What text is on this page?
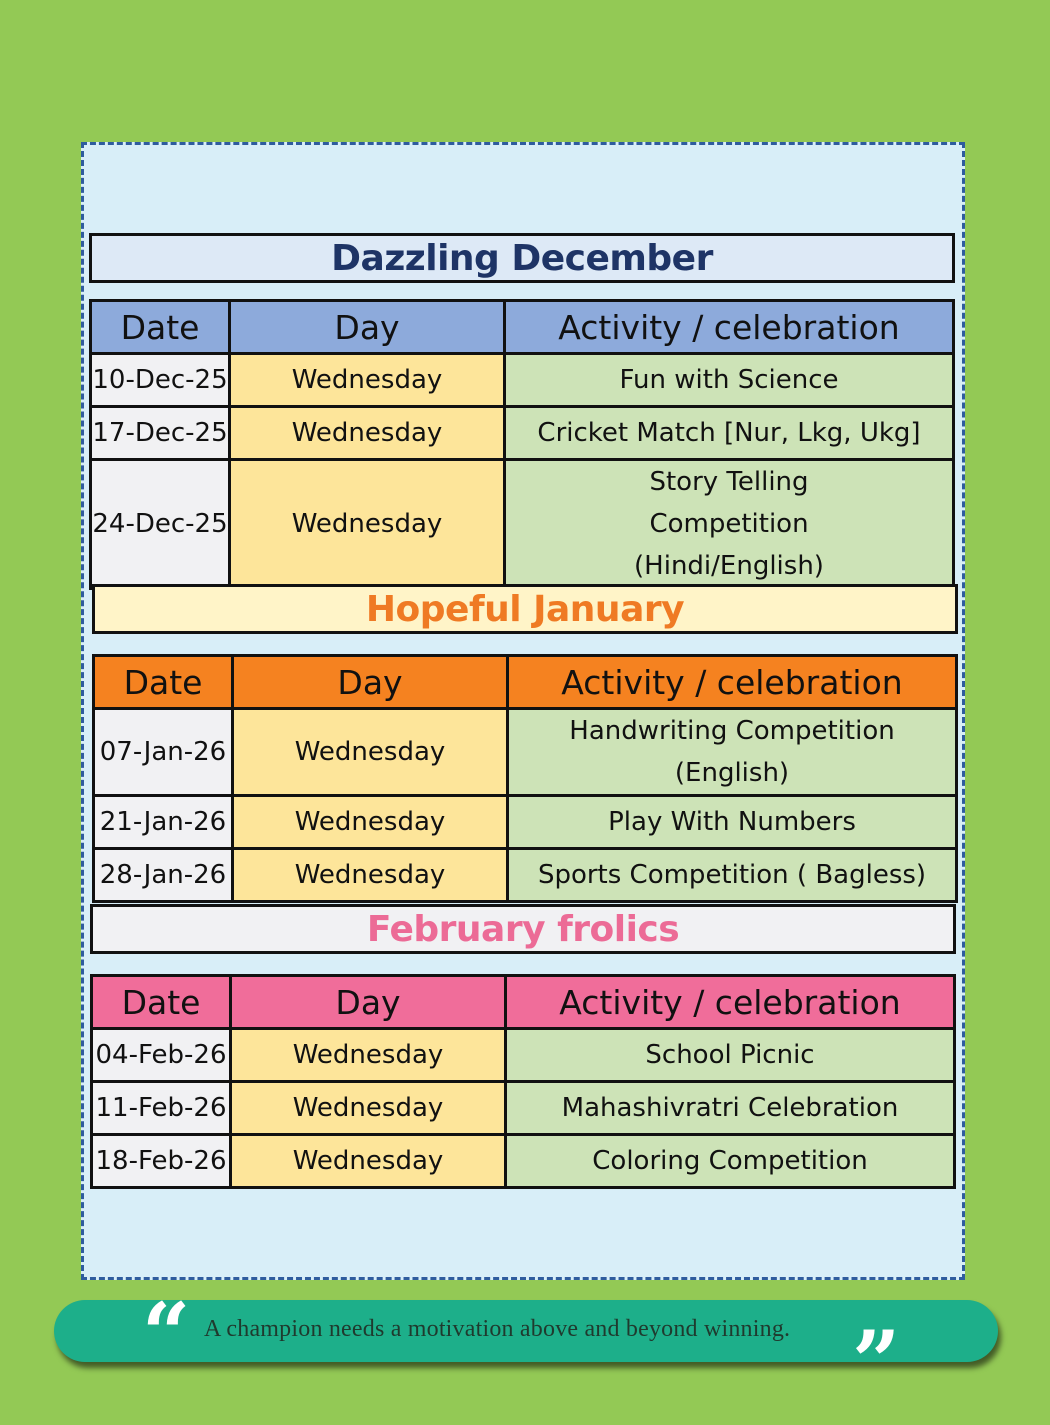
Dazzling December
Date	Day	Activity / celebration
10-Dec-25	Wednesday	Fun with Science
17-Dec-25	Wednesday	Cricket Match [Nur, Lkg, Ukg]
24-Dec-25	Wednesday	Story Telling Competition (Hindi/English)
Hopeful January
Date	Day	Activity / celebration
07-Jan-26	Wednesday	Handwriting Competition (English)
21-Jan-26	Wednesday	Play With Numbers
28-Jan-26	Wednesday	Sports Competition ( Bagless)
February frolics
Date	Day	Activity / celebration
04-Feb-26	Wednesday	School Picnic
11-Feb-26	Wednesday	Mahashivratri Celebration
18-Feb-26	Wednesday	Coloring Competition
“ A champion needs a motivation above and beyond winning. ”
